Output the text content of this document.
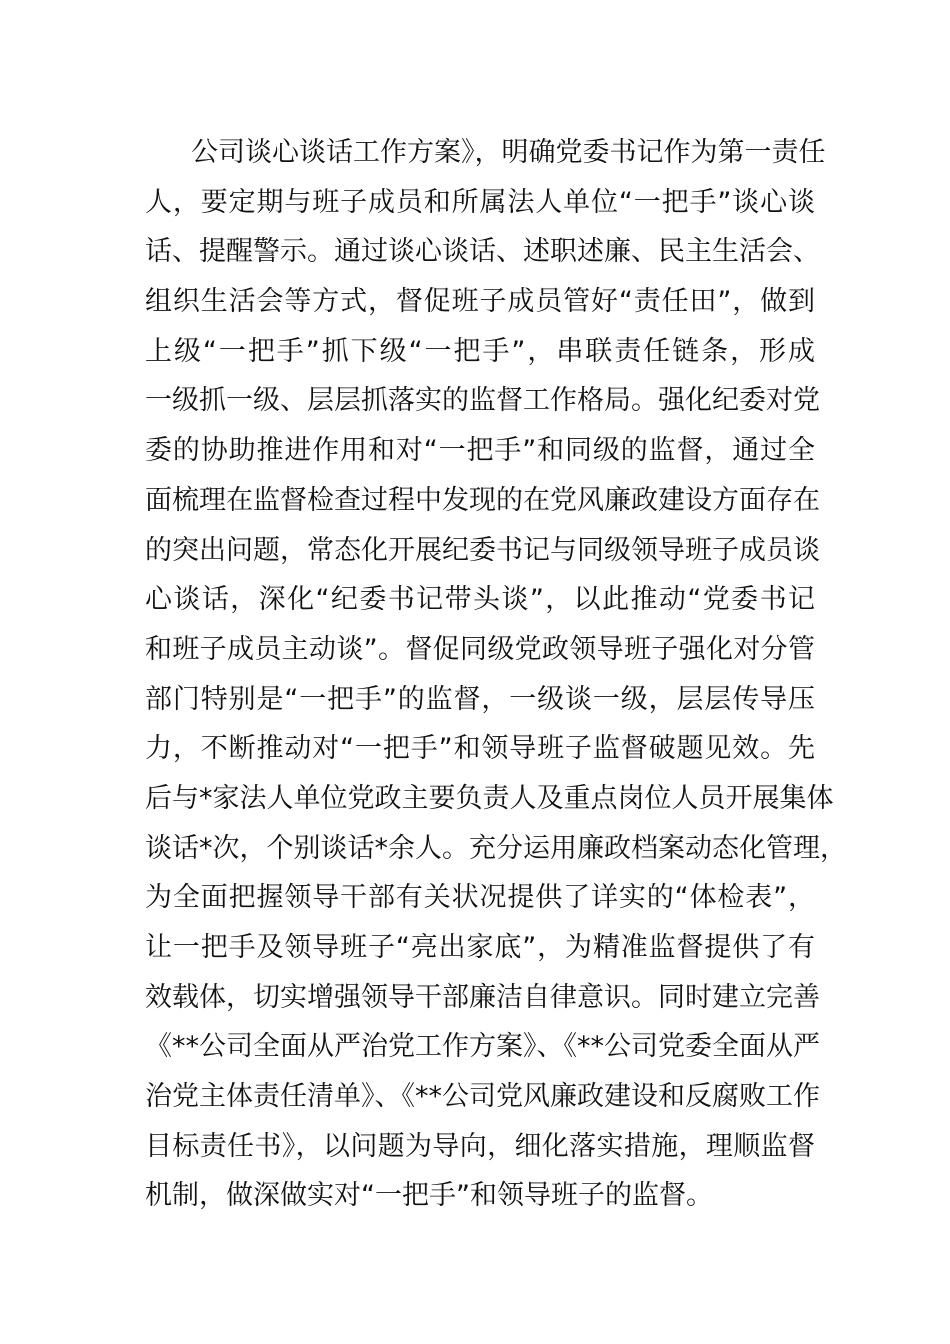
公司谈心谈话工作方案》，明确党委书记作为第一责任
人，要定期与班子成员和所属法人单位“一把手”谈心谈
话、提醒警示。通过谈心谈话、述职述廉、民主生活会、
组织生活会等方式，督促班子成员管好“责任田”，做到
上级“一把手”抓下级“一把手”，串联责任链条，形成
一级抓一级、层层抓落实的监督工作格局。强化纪委对党
委的协助推进作用和对“一把手”和同级的监督，通过全
面梳理在监督检查过程中发现的在党风廉政建设方面存在
的突出问题，常态化开展纪委书记与同级领导班子成员谈
心谈话，深化“纪委书记带头谈”，以此推动“党委书记
和班子成员主动谈”。督促同级党政领导班子强化对分管
部门特别是“一把手”的监督，一级谈一级，层层传导压
力，不断推动对“一把手”和领导班子监督破题见效。先
后与*家法人单位党政主要负责人及重点岗位人员开展集体
谈话*次，个别谈话*余人。充分运用廉政档案动态化管理，
为全面把握领导干部有关状况提供了详实的“体检表”，
让一把手及领导班子“亮出家底”，为精准监督提供了有
效载体，切实增强领导干部廉洁自律意识。同时建立完善
《**公司全面从严治党工作方案》、《**公司党委全面从严
治党主体责任清单》、《**公司党风廉政建设和反腐败工作
目标责任书》，以问题为导向，细化落实措施，理顺监督
机制，做深做实对“一把手”和领导班子的监督。
